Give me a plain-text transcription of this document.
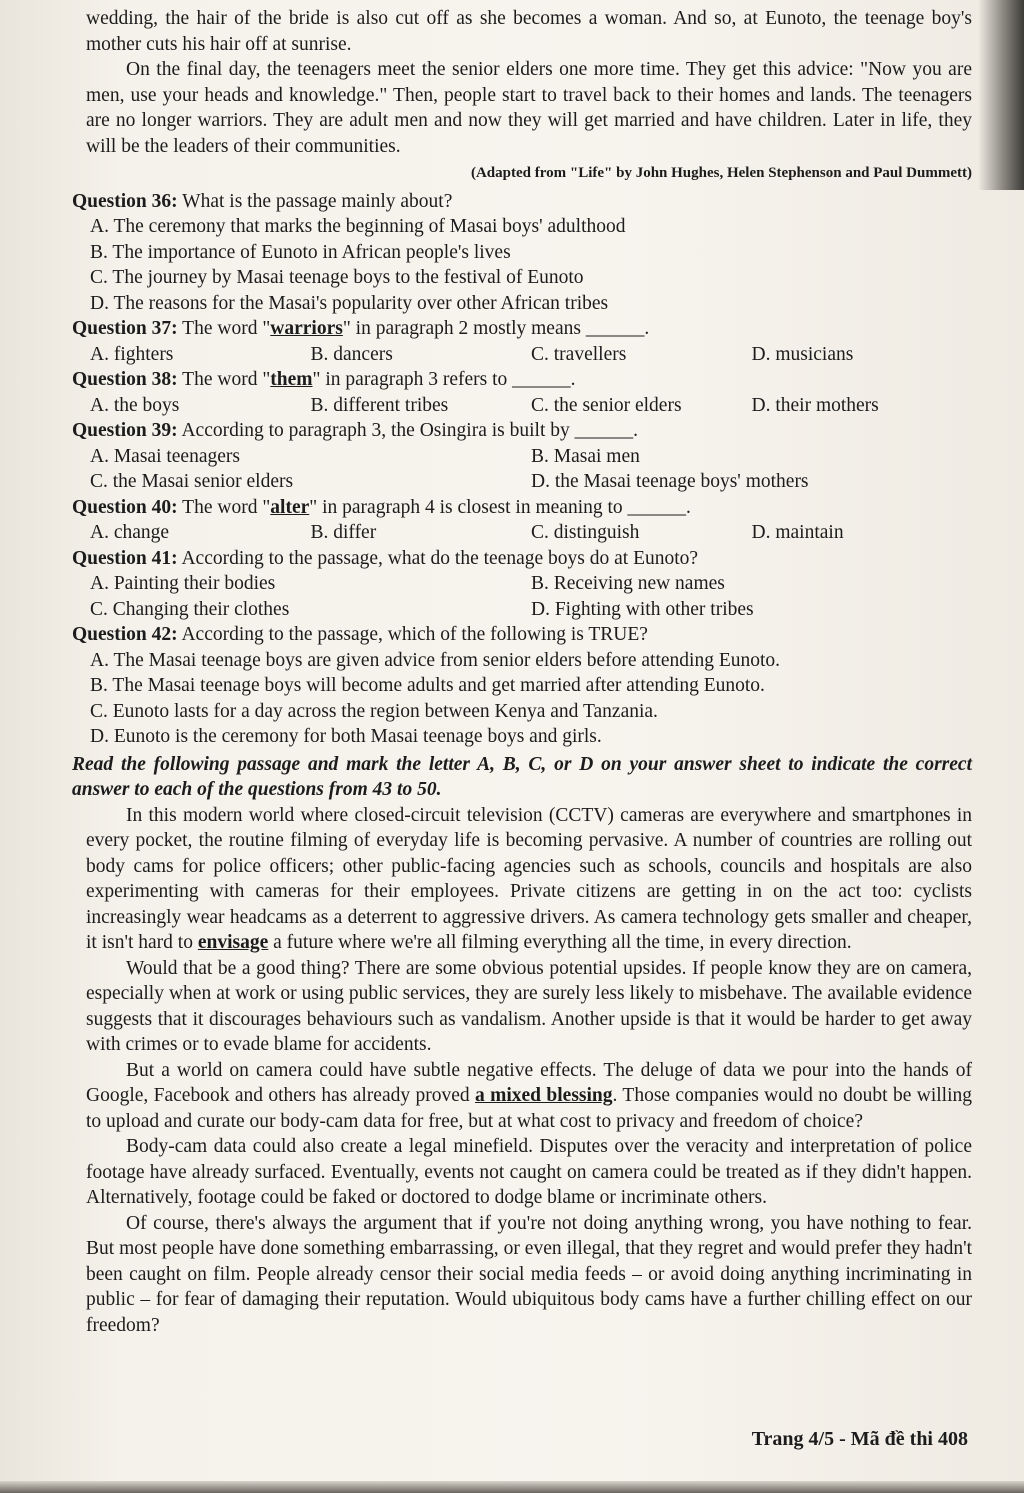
wedding, the hair of the bride is also cut off as she becomes a woman. And so, at Eunoto, the teenage boy's mother cuts his hair off at sunrise.

On the final day, the teenagers meet the senior elders one more time. They get this advice: "Now you are men, use your heads and knowledge." Then, people start to travel back to their homes and lands. The teenagers are no longer warriors. They are adult men and now they will get married and have children. Later in life, they will be the leaders of their communities.

(Adapted from "Life" by John Hughes, Helen Stephenson and Paul Dummett)

Question 36: What is the passage mainly about?
A. The ceremony that marks the beginning of Masai boys' adulthood
B. The importance of Eunoto in African people's lives
C. The journey by Masai teenage boys to the festival of Eunoto
D. The reasons for the Masai's popularity over other African tribes
Question 37: The word "warriors" in paragraph 2 mostly means ______.
A. fighters	B. dancers	C. travellers	D. musicians
Question 38: The word "them" in paragraph 3 refers to ______.
A. the boys	B. different tribes	C. the senior elders	D. their mothers
Question 39: According to paragraph 3, the Osingira is built by ______.
A. Masai teenagers	B. Masai men
C. the Masai senior elders	D. the Masai teenage boys' mothers
Question 40: The word "alter" in paragraph 4 is closest in meaning to ______.
A. change	B. differ	C. distinguish	D. maintain
Question 41: According to the passage, what do the teenage boys do at Eunoto?
A. Painting their bodies	B. Receiving new names
C. Changing their clothes	D. Fighting with other tribes
Question 42: According to the passage, which of the following is TRUE?
A. The Masai teenage boys are given advice from senior elders before attending Eunoto.
B. The Masai teenage boys will become adults and get married after attending Eunoto.
C. Eunoto lasts for a day across the region between Kenya and Tanzania.
D. Eunoto is the ceremony for both Masai teenage boys and girls.

Read the following passage and mark the letter A, B, C, or D on your answer sheet to indicate the correct answer to each of the questions from 43 to 50.

In this modern world where closed-circuit television (CCTV) cameras are everywhere and smartphones in every pocket, the routine filming of everyday life is becoming pervasive. A number of countries are rolling out body cams for police officers; other public-facing agencies such as schools, councils and hospitals are also experimenting with cameras for their employees. Private citizens are getting in on the act too: cyclists increasingly wear headcams as a deterrent to aggressive drivers. As camera technology gets smaller and cheaper, it isn't hard to envisage a future where we're all filming everything all the time, in every direction.

Would that be a good thing? There are some obvious potential upsides. If people know they are on camera, especially when at work or using public services, they are surely less likely to misbehave. The available evidence suggests that it discourages behaviours such as vandalism. Another upside is that it would be harder to get away with crimes or to evade blame for accidents.

But a world on camera could have subtle negative effects. The deluge of data we pour into the hands of Google, Facebook and others has already proved a mixed blessing. Those companies would no doubt be willing to upload and curate our body-cam data for free, but at what cost to privacy and freedom of choice?

Body-cam data could also create a legal minefield. Disputes over the veracity and interpretation of police footage have already surfaced. Eventually, events not caught on camera could be treated as if they didn't happen. Alternatively, footage could be faked or doctored to dodge blame or incriminate others.

Of course, there's always the argument that if you're not doing anything wrong, you have nothing to fear. But most people have done something embarrassing, or even illegal, that they regret and would prefer they hadn't been caught on film. People already censor their social media feeds – or avoid doing anything incriminating in public – for fear of damaging their reputation. Would ubiquitous body cams have a further chilling effect on our freedom?

Trang 4/5 - Mã đề thi 408
